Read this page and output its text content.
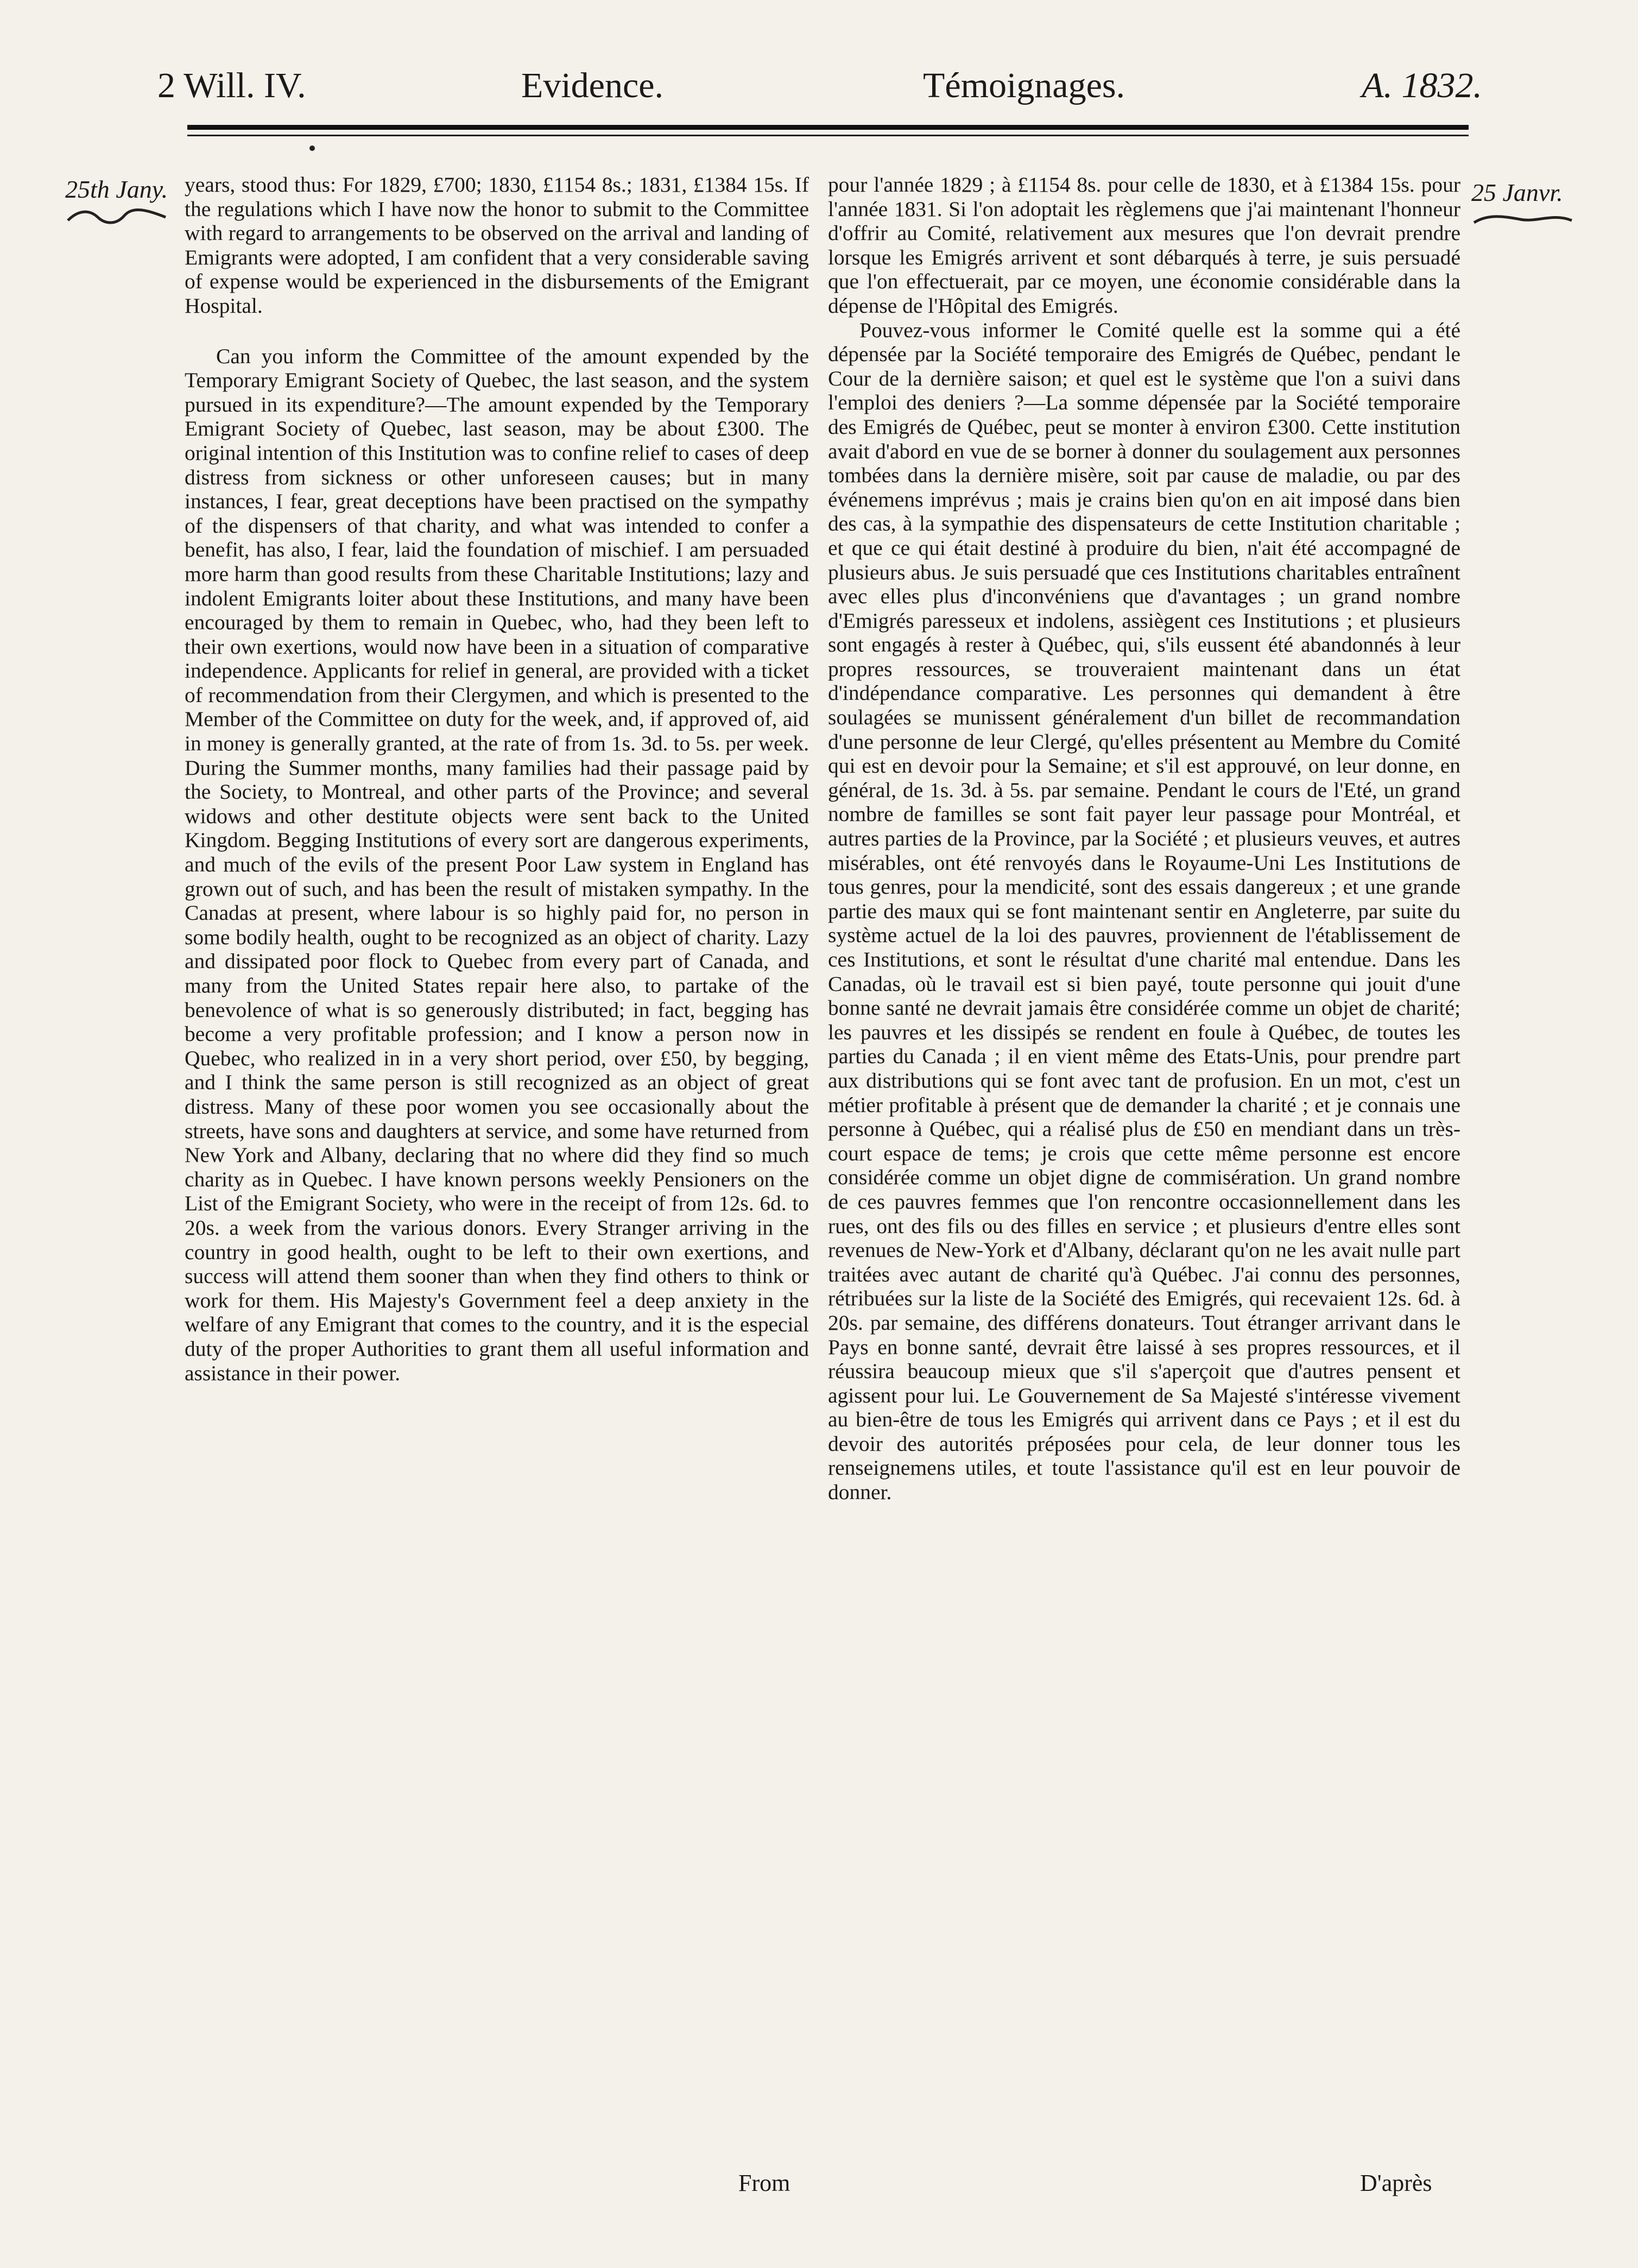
2 Will. IV.	Evidence.	Témoignages.	A. 1832.
25th Jany.	25 Janvr.

years, stood thus: For 1829, £700; 1830, £1154 8s.; 1831, £1384 15s. If the regulations which I have now the honor to submit to the Committee with regard to arrangements to be observed on the arrival and landing of Emigrants were adopted, I am confident that a very considerable saving of expense would be experienced in the disbursements of the Emigrant Hospital.

Can you inform the Committee of the amount expended by the Temporary Emigrant Society of Quebec, the last season, and the system pursued in its expenditure?—The amount expended by the Temporary Emigrant Society of Quebec, last season, may be about £300. The original intention of this Institution was to confine relief to cases of deep distress from sickness or other unforeseen causes; but in many instances, I fear, great deceptions have been practised on the sympathy of the dispensers of that charity, and what was intended to confer a benefit, has also, I fear, laid the foundation of mischief. I am persuaded more harm than good results from these Charitable Institutions; lazy and indolent Emigrants loiter about these Institutions, and many have been encouraged by them to remain in Quebec, who, had they been left to their own exertions, would now have been in a situation of comparative independence. Applicants for relief in general, are provided with a ticket of recommendation from their Clergymen, and which is presented to the Member of the Committee on duty for the week, and, if approved of, aid in money is generally granted, at the rate of from 1s. 3d. to 5s. per week. During the Summer months, many families had their passage paid by the Society, to Montreal, and other parts of the Province; and several widows and other destitute objects were sent back to the United Kingdom. Begging Institutions of every sort are dangerous experiments, and much of the evils of the present Poor Law system in England has grown out of such, and has been the result of mistaken sympathy. In the Canadas at present, where labour is so highly paid for, no person in some bodily health, ought to be recognized as an object of charity. Lazy and dissipated poor flock to Quebec from every part of Canada, and many from the United States repair here also, to partake of the benevolence of what is so generously distributed; in fact, begging has become a very profitable profession; and I know a person now in Quebec, who realized in in a very short period, over £50, by begging, and I think the same person is still recognized as an object of great distress. Many of these poor women you see occasionally about the streets, have sons and daughters at service, and some have returned from New York and Albany, declaring that no where did they find so much charity as in Quebec. I have known persons weekly Pensioners on the List of the Emigrant Society, who were in the receipt of from 12s. 6d. to 20s. a week from the various donors. Every Stranger arriving in the country in good health, ought to be left to their own exertions, and success will attend them sooner than when they find others to think or work for them. His Majesty's Government feel a deep anxiety in the welfare of any Emigrant that comes to the country, and it is the especial duty of the proper Authorities to grant them all useful information and assistance in their power.

pour l'année 1829 ; à £1154 8s. pour celle de 1830, et à £1384 15s. pour l'année 1831. Si l'on adoptait les règlemens que j'ai maintenant l'honneur d'offrir au Comité, relativement aux mesures que l'on devrait prendre lorsque les Emigrés arrivent et sont débarqués à terre, je suis persuadé que l'on effectuerait, par ce moyen, une économie considérable dans la dépense de l'Hôpital des Emigrés.

Pouvez-vous informer le Comité quelle est la somme qui a été dépensée par la Société temporaire des Emigrés de Québec, pendant le Cour de la dernière saison; et quel est le système que l'on a suivi dans l'emploi des deniers ?—La somme dépensée par la Société temporaire des Emigrés de Québec, peut se monter à environ £300. Cette institution avait d'abord en vue de se borner à donner du soulagement aux personnes tombées dans la dernière misère, soit par cause de maladie, ou par des événemens imprévus ; mais je crains bien qu'on en ait imposé dans bien des cas, à la sympathie des dispensateurs de cette Institution charitable ; et que ce qui était destiné à produire du bien, n'ait été accompagné de plusieurs abus. Je suis persuadé que ces Institutions charitables entraînent avec elles plus d'inconvéniens que d'avantages ; un grand nombre d'Emigrés paresseux et indolens, assiègent ces Institutions ; et plusieurs sont engagés à rester à Québec, qui, s'ils eussent été abandonnés à leur propres ressources, se trouveraient maintenant dans un état d'indépendance comparative. Les personnes qui demandent à être soulagées se munissent généralement d'un billet de recommandation d'une personne de leur Clergé, qu'elles présentent au Membre du Comité qui est en devoir pour la Semaine; et s'il est approuvé, on leur donne, en général, de 1s. 3d. à 5s. par semaine. Pendant le cours de l'Eté, un grand nombre de familles se sont fait payer leur passage pour Montréal, et autres parties de la Province, par la Société ; et plusieurs veuves, et autres misérables, ont été renvoyés dans le Royaume-Uni Les Institutions de tous genres, pour la mendicité, sont des essais dangereux ; et une grande partie des maux qui se font maintenant sentir en Angleterre, par suite du système actuel de la loi des pauvres, proviennent de l'établissement de ces Institutions, et sont le résultat d'une charité mal entendue. Dans les Canadas, où le travail est si bien payé, toute personne qui jouit d'une bonne santé ne devrait jamais être considérée comme un objet de charité; les pauvres et les dissipés se rendent en foule à Québec, de toutes les parties du Canada ; il en vient même des Etats-Unis, pour prendre part aux distributions qui se font avec tant de profusion. En un mot, c'est un métier profitable à présent que de demander la charité ; et je connais une personne à Québec, qui a réalisé plus de £50 en mendiant dans un très-court espace de tems; je crois que cette même personne est encore considérée comme un objet digne de commisération. Un grand nombre de ces pauvres femmes que l'on rencontre occasionnellement dans les rues, ont des fils ou des filles en service ; et plusieurs d'entre elles sont revenues de New-York et d'Albany, déclarant qu'on ne les avait nulle part traitées avec autant de charité qu'à Québec. J'ai connu des personnes, rétribuées sur la liste de la Société des Emigrés, qui recevaient 12s. 6d. à 20s. par semaine, des différens donateurs. Tout étranger arrivant dans le Pays en bonne santé, devrait être laissé à ses propres ressources, et il réussira beaucoup mieux que s'il s'aperçoit que d'autres pensent et agissent pour lui. Le Gouvernement de Sa Majesté s'intéresse vivement au bien-être de tous les Emigrés qui arrivent dans ce Pays ; et il est du devoir des autorités préposées pour cela, de leur donner tous les renseignemens utiles, et toute l'assistance qu'il est en leur pouvoir de donner.

From	D'après
